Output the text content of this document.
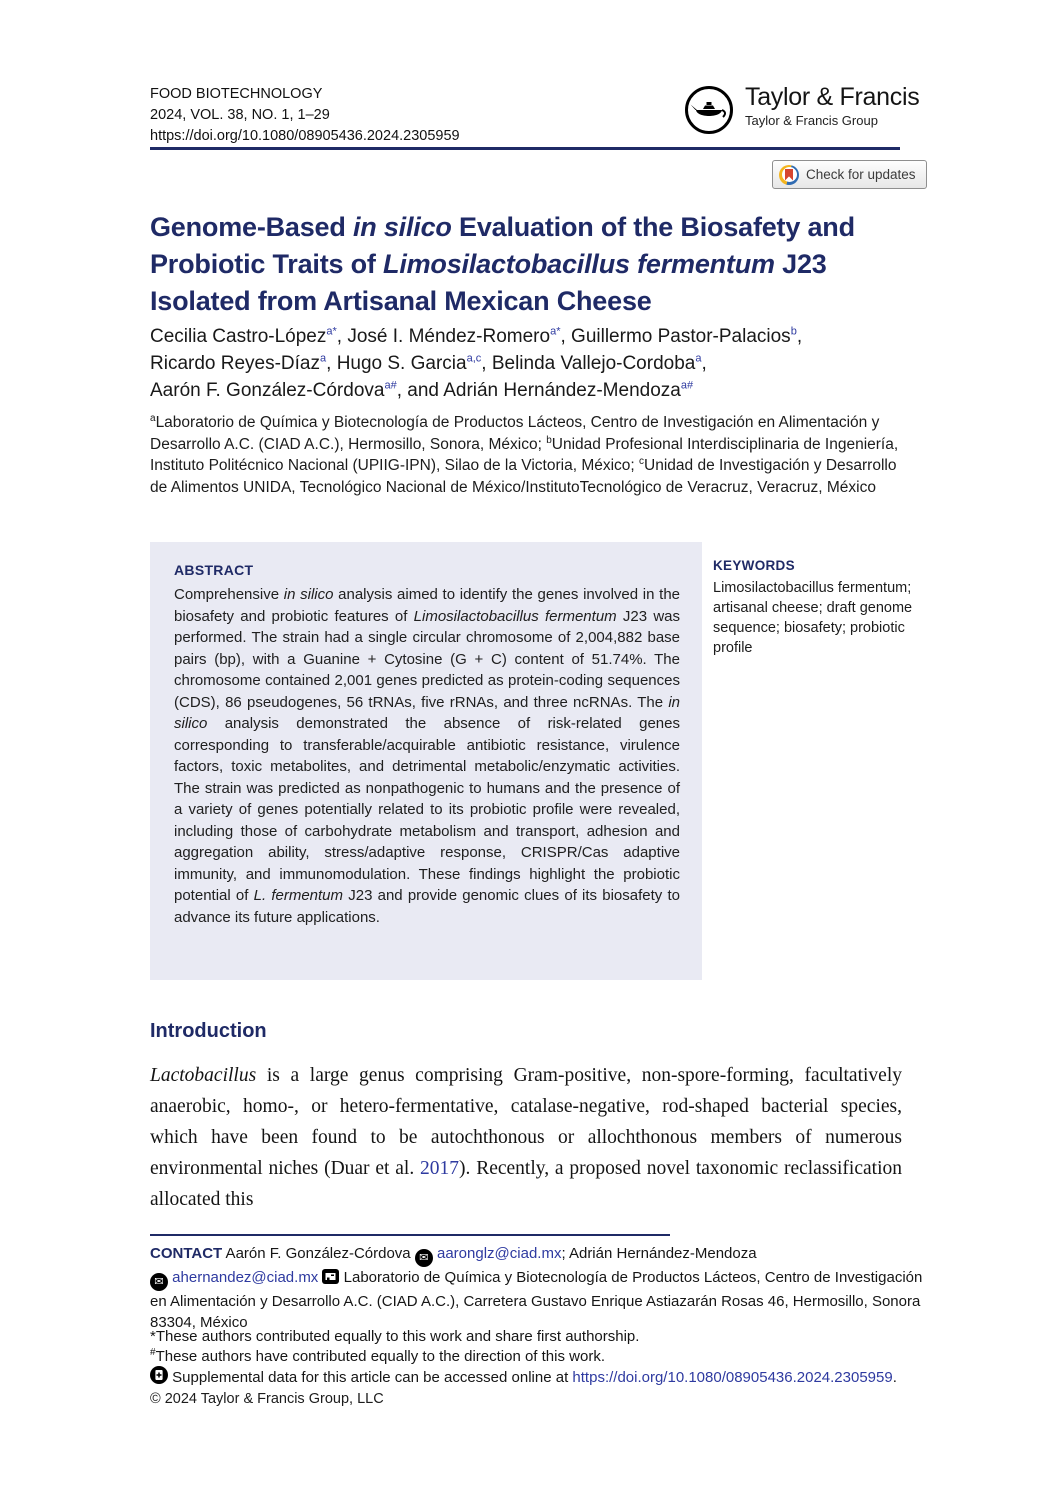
FOOD BIOTECHNOLOGY
2024, VOL. 38, NO. 1, 1–29
https://doi.org/10.1080/08905436.2024.2305959
Taylor & Francis
Taylor & Francis Group
Check for updates
Genome-Based in silico Evaluation of the Biosafety and Probiotic Traits of Limosilactobacillus fermentum J23 Isolated from Artisanal Mexican Cheese
Cecilia Castro-López$^{a*}$, José I. Méndez-Romero$^{a*}$, Guillermo Pastor-Palacios$^b$,
Ricardo Reyes-Díaz$^a$, Hugo S. Garcia$^{a,c}$, Belinda Vallejo-Cordoba$^a$,
Aarón F. González-Córdova$^{a\#}$, and Adrián Hernández-Mendoza$^{a\#}$
$^a$Laboratorio de Química y Biotecnología de Productos Lácteos, Centro de Investigación en Alimentación y Desarrollo A.C. (CIAD A.C.), Hermosillo, Sonora, México; $^b$Unidad Profesional Interdisciplinaria de Ingeniería, Instituto Politécnico Nacional (UPIIG-IPN), Silao de la Victoria, México; $^c$Unidad de Investigación y Desarrollo de Alimentos UNIDA, Tecnológico Nacional de México/InstitutoTecnológico de Veracruz, Veracruz, México

ABSTRACT

Comprehensive in silico analysis aimed to identify the genes involved in the biosafety and probiotic features of Limosilactobacillus fermentum J23 was performed. The strain had a single circular chromosome of 2,004,882 base pairs (bp), with a Guanine + Cytosine (G + C) content of 51.74%. The chromosome contained 2,001 genes predicted as protein-coding sequences (CDS), 86 pseudogenes, 56 tRNAs, five rRNAs, and three ncRNAs. The in silico analysis demonstrated the absence of risk-related genes corresponding to transferable/acquirable antibiotic resistance, virulence factors, toxic metabolites, and detrimental metabolic/enzymatic activities. The strain was predicted as nonpathogenic to humans and the presence of a variety of genes potentially related to its probiotic profile were revealed, including those of carbohydrate metabolism and transport, adhesion and aggregation ability, stress/adaptive response, CRISPR/Cas adaptive immunity, and immunomodulation. These findings highlight the probiotic potential of L. fermentum J23 and provide genomic clues of its biosafety to advance its future applications.

KEYWORDS

Limosilactobacillus fermentum; artisanal cheese; draft genome sequence; biosafety; probiotic profile

Introduction

Lactobacillus is a large genus comprising Gram-positive, non-spore-forming, facultatively anaerobic, homo-, or hetero-fermentative, catalase-negative, rod-shaped bacterial species, which have been found to be autochthonous or allochthonous members of numerous environmental niches (Duar et al. 2017). Recently, a proposed novel taxonomic reclassification allocated this

CONTACT Aarón F. González-Córdova ✉ aaronglz@ciad.mx; Adrián Hernández-Mendoza
✉ ahernandez@ciad.mx  Laboratorio de Química y Biotecnología de Productos Lácteos, Centro de Investigación en Alimentación y Desarrollo A.C. (CIAD A.C.), Carretera Gustavo Enrique Astiazarán Rosas 46, Hermosillo, Sonora 83304, México

*These authors contributed equally to this work and share first authorship.
#These authors have contributed equally to the direction of this work.
Supplemental data for this article can be accessed online at https://doi.org/10.1080/08905436.2024.2305959.
© 2024 Taylor & Francis Group, LLC
